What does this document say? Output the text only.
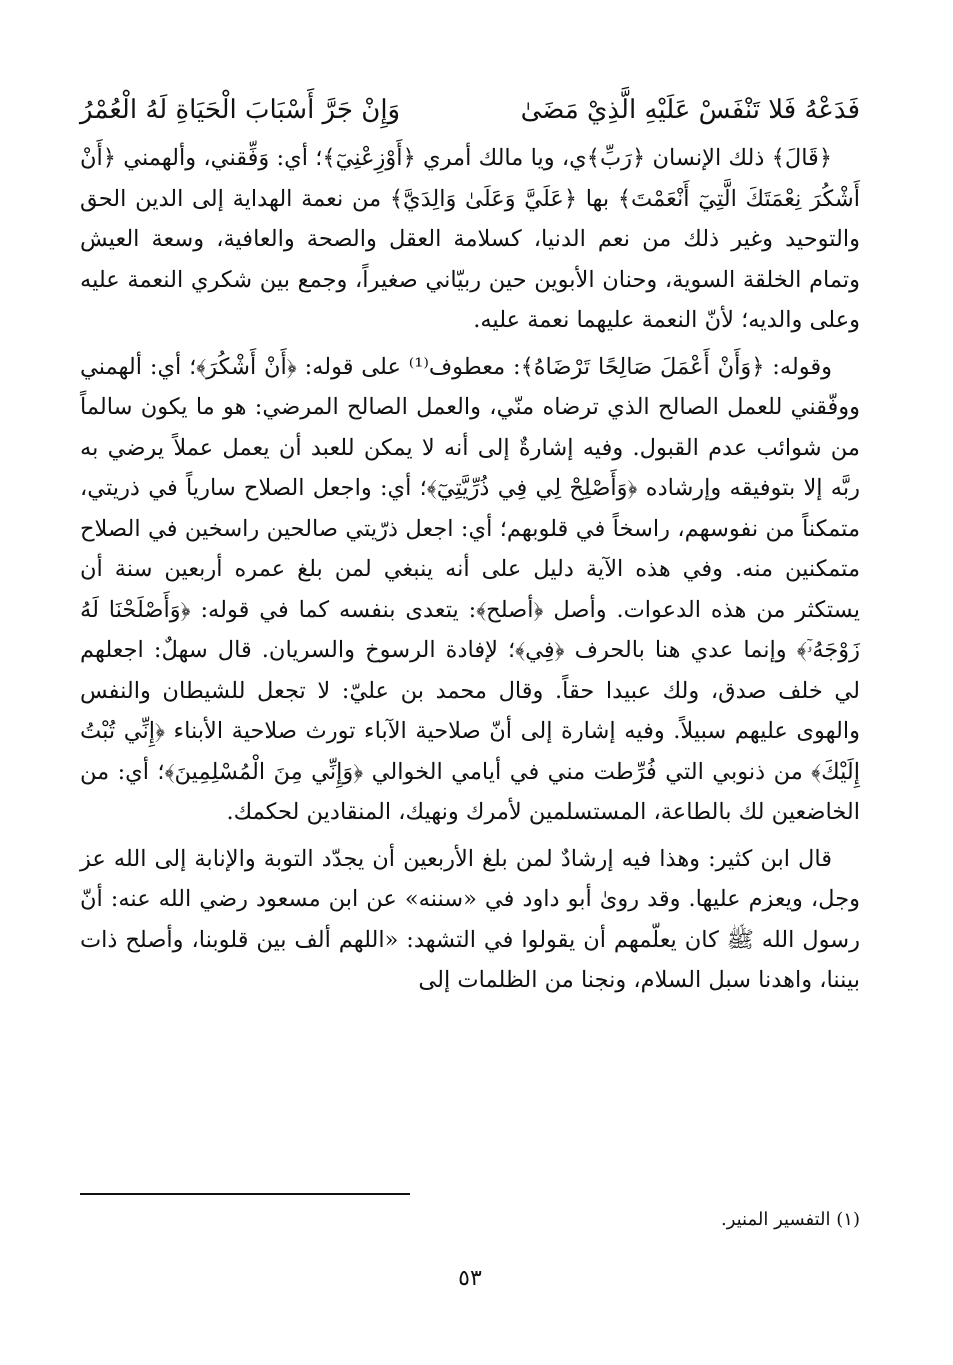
فَدَعْهُ فَلا تَنْفَسْ عَلَيْهِ الَّذِيْ مَضَىٰ
وَإِنْ جَرَّ أَسْبَابَ الْحَيَاةِ لَهُ الْعُمْرُ

﴿قَالَ﴾ ذلك الإنسان ﴿رَبِّ﴾ي، ويا مالك أمري ﴿أَوْزِعْنِيٓ﴾؛ أي: وَفِّقني، وألهمني ﴿أَنْ أَشْكُرَ نِعْمَتَكَ الَّتِيٓ أَنْعَمْتَ﴾ بها ﴿عَلَيَّ وَعَلَىٰ وَالِدَيَّ﴾ من نعمة الهداية إلى الدين الحق والتوحيد وغير ذلك من نعم الدنيا، كسلامة العقل والصحة والعافية، وسعة العيش وتمام الخلقة السوية، وحنان الأبوين حين ربيّاني صغيراً، وجمع بين شكري النعمة عليه وعلى والديه؛ لأنّ النعمة عليهما نعمة عليه.

وقوله: ﴿وَأَنْ أَعْمَلَ صَالِحًا تَرْضَاهُ﴾: معطوف⁽¹⁾ على قوله: ﴿أَنْ أَشْكُرَ﴾؛ أي: ألهمني ووفّقني للعمل الصالح الذي ترضاه منّي، والعمل الصالح المرضي: هو ما يكون سالماً من شوائب عدم القبول. وفيه إشارةٌ إلى أنه لا يمكن للعبد أن يعمل عملاً يرضي به ربَّه إلا بتوفيقه وإرشاده ﴿وَأَصْلِحْ لِي فِي ذُرِّيَّتِيٓ﴾؛ أي: واجعل الصلاح سارياً في ذريتي، متمكناً من نفوسهم، راسخاً في قلوبهم؛ أي: اجعل ذرّيتي صالحين راسخين في الصلاح متمكنين منه. وفي هذه الآية دليل على أنه ينبغي لمن بلغ عمره أربعين سنة أن يستكثر من هذه الدعوات. وأصل ﴿أصلح﴾: يتعدى بنفسه كما في قوله: ﴿وَأَصْلَحْنَا لَهُ زَوْجَهُۥٓ﴾ وإنما عدي هنا بالحرف ﴿فِي﴾؛ لإفادة الرسوخ والسريان. قال سهلٌ: اجعلهم لي خلف صدق، ولك عبيدا حقاً. وقال محمد بن عليّ: لا تجعل للشيطان والنفس والهوى عليهم سبيلاً. وفيه إشارة إلى أنّ صلاحية الآباء تورث صلاحية الأبناء ﴿إِنِّي تُبْتُ إِلَيْكَ﴾ من ذنوبي التي فُرِّطت مني في أيامي الخوالي ﴿وَإِنِّي مِنَ الْمُسْلِمِينَ﴾؛ أي: من الخاضعين لك بالطاعة، المستسلمين لأمرك ونهيك، المنقادين لحكمك.

قال ابن كثير: وهذا فيه إرشادٌ لمن بلغ الأربعين أن يجدّد التوبة والإنابة إلى الله عز وجل، ويعزم عليها. وقد روىٰ أبو داود في «سننه» عن ابن مسعود رضي الله عنه: أنّ رسول الله ﷺ كان يعلّمهم أن يقولوا في التشهد: «اللهم ألف بين قلوبنا، وأصلح ذات بيننا، واهدنا سبل السلام، ونجنا من الظلمات إلى

(١) التفسير المنير.

٥٣
